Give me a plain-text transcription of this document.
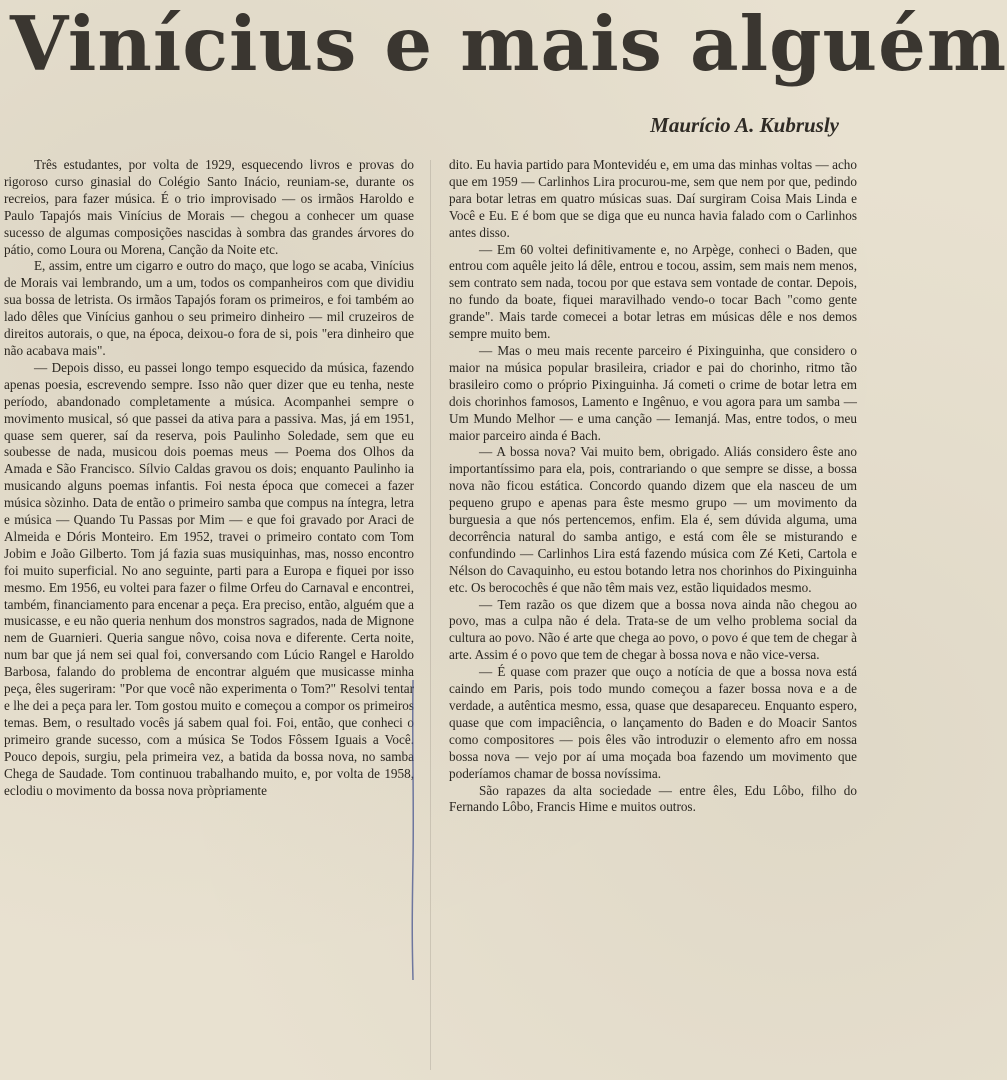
Vinícius e mais alguém
Maurício A. Kubrusly

Três estudantes, por volta de 1929, esquecendo livros e provas do rigoroso curso ginasial do Colégio Santo Inácio, reuniam-se, durante os recreios, para fazer música. É o trio improvisado — os irmãos Haroldo e Paulo Tapajós mais Vinícius de Morais — chegou a conhecer um quase sucesso de algumas composições nascidas à sombra das grandes árvores do pátio, como Loura ou Morena, Canção da Noite etc.

E, assim, entre um cigarro e outro do maço, que logo se acaba, Vinícius de Morais vai lembrando, um a um, todos os companheiros com que dividiu sua bossa de letrista. Os irmãos Tapajós foram os primeiros, e foi também ao lado dêles que Vinícius ganhou o seu primeiro dinheiro — mil cruzeiros de direitos autorais, o que, na época, deixou-o fora de si, pois "era dinheiro que não acabava mais".

— Depois disso, eu passei longo tempo esquecido da música, fazendo apenas poesia, escrevendo sempre. Isso não quer dizer que eu tenha, neste período, abandonado completamente a música. Acompanhei sempre o movimento musical, só que passei da ativa para a passiva. Mas, já em 1951, quase sem querer, saí da reserva, pois Paulinho Soledade, sem que eu soubesse de nada, musicou dois poemas meus — Poema dos Olhos da Amada e São Francisco. Sílvio Caldas gravou os dois; enquanto Paulinho ia musicando alguns poemas infantis. Foi nesta época que comecei a fazer música sòzinho. Data de então o primeiro samba que compus na íntegra, letra e música — Quando Tu Passas por Mim — e que foi gravado por Araci de Almeida e Dóris Monteiro. Em 1952, travei o primeiro contato com Tom Jobim e João Gilberto. Tom já fazia suas musiquinhas, mas, nosso encontro foi muito superficial. No ano seguinte, parti para a Europa e fiquei por isso mesmo. Em 1956, eu voltei para fazer o filme Orfeu do Carnaval e encontrei, também, financiamento para encenar a peça. Era preciso, então, alguém que a musicasse, e eu não queria nenhum dos monstros sagrados, nada de Mignone nem de Guarnieri. Queria sangue nôvo, coisa nova e diferente. Certa noite, num bar que já nem sei qual foi, conversando com Lúcio Rangel e Haroldo Barbosa, falando do problema de encontrar alguém que musicasse minha peça, êles sugeriram: "Por que você não experimenta o Tom?" Resolvi tentar e lhe dei a peça para ler. Tom gostou muito e começou a compor os primeiros temas. Bem, o resultado vocês já sabem qual foi. Foi, então, que conheci o primeiro grande sucesso, com a música Se Todos Fôssem Iguais a Você. Pouco depois, surgiu, pela primeira vez, a batida da bossa nova, no samba Chega de Saudade. Tom continuou trabalhando muito, e, por volta de 1958, eclodiu o movimento da bossa nova pròpriamente

dito. Eu havia partido para Montevidéu e, em uma das minhas voltas — acho que em 1959 — Carlinhos Lira procurou-me, sem que nem por que, pedindo para botar letras em quatro músicas suas. Daí surgiram Coisa Mais Linda e Você e Eu. E é bom que se diga que eu nunca havia falado com o Carlinhos antes disso.

— Em 60 voltei definitivamente e, no Arpège, conheci o Baden, que entrou com aquêle jeito lá dêle, entrou e tocou, assim, sem mais nem menos, sem contrato sem nada, tocou por que estava sem vontade de contar. Depois, no fundo da boate, fiquei maravilhado vendo-o tocar Bach "como gente grande". Mais tarde comecei a botar letras em músicas dêle e nos demos sempre muito bem.

— Mas o meu mais recente parceiro é Pixinguinha, que considero o maior na música popular brasileira, criador e pai do chorinho, ritmo tão brasileiro como o próprio Pixinguinha. Já cometi o crime de botar letra em dois chorinhos famosos, Lamento e Ingênuo, e vou agora para um samba — Um Mundo Melhor — e uma canção — Iemanjá. Mas, entre todos, o meu maior parceiro ainda é Bach.

— A bossa nova? Vai muito bem, obrigado. Aliás considero êste ano importantíssimo para ela, pois, contrariando o que sempre se disse, a bossa nova não ficou estática. Concordo quando dizem que ela nasceu de um pequeno grupo e apenas para êste mesmo grupo — um movimento da burguesia a que nós pertencemos, enfim. Ela é, sem dúvida alguma, uma decorrência natural do samba antigo, e está com êle se misturando e confundindo — Carlinhos Lira está fazendo música com Zé Keti, Cartola e Nélson do Cavaquinho, eu estou botando letra nos chorinhos do Pixinguinha etc. Os berocochês é que não têm mais vez, estão liquidados mesmo.

— Tem razão os que dizem que a bossa nova ainda não chegou ao povo, mas a culpa não é dela. Trata-se de um velho problema social da cultura ao povo. Não é arte que chega ao povo, o povo é que tem de chegar à arte. Assim é o povo que tem de chegar à bossa nova e não vice-versa.

— É quase com prazer que ouço a notícia de que a bossa nova está caindo em Paris, pois todo mundo começou a fazer bossa nova e a de verdade, a autêntica mesmo, essa, quase que desapareceu. Enquanto espero, quase que com impaciência, o lançamento do Baden e do Moacir Santos como compositores — pois êles vão introduzir o elemento afro em nossa bossa nova — vejo por aí uma moçada boa fazendo um movimento que poderíamos chamar de bossa novíssima.

São rapazes da alta sociedade — entre êles, Edu Lôbo, filho do Fernando Lôbo, Francis Hime e muitos outros.
